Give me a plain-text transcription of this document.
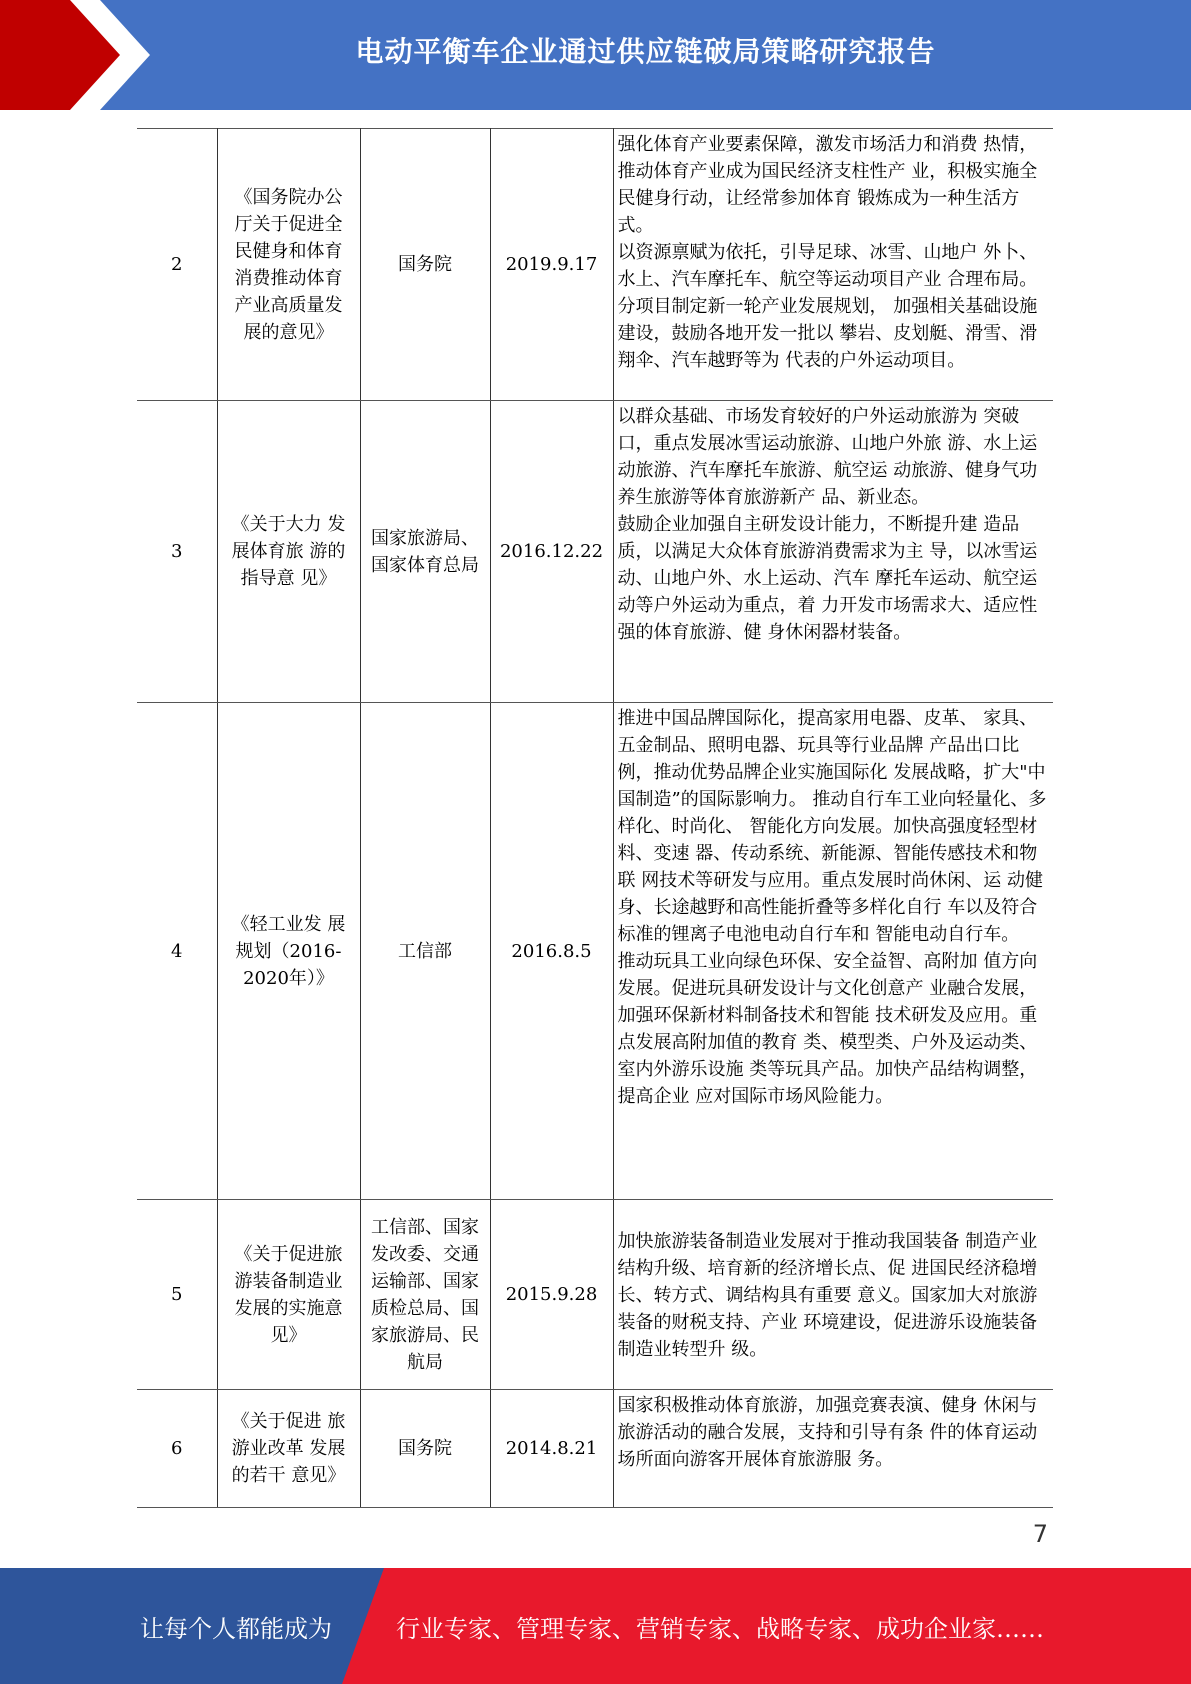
电动平衡车企业通过供应链破局策略研究报告
2	《国务院办公厅关于促进全民健身和体育消费推动体育产业高质量发展的意见》	国务院	2019.9.17	强化体育产业要素保障，激发市场活力和消费 热情，推动体育产业成为国民经济支柱性产 业，积极实施全民健身行动，让经常参加体育 锻炼成为一种生活方式。
以资源禀赋为依托，引导足球、冰雪、山地户 外卜、水上、汽车摩托车、航空等运动项目产业 合理布局。分项目制定新一轮产业发展规划， 加强相关基础设施建设，鼓励各地开发一批以 攀岩、皮划艇、滑雪、滑翔伞、汽车越野等为 代表的户外运动项目。

3	《关于大力 发展体育旅 游的指导意 见》	国家旅游局、国家体育总局	2016.12.22	以群众基础、市场发育较好的户外运动旅游为 突破口，重点发展冰雪运动旅游、山地户外旅 游、水上运动旅游、汽车摩托车旅游、航空运 动旅游、健身气功养生旅游等体育旅游新产 品、新业态。
鼓励企业加强自主研发设计能力，不断提升建 造品质，以满足大众体育旅游消费需求为主 导，以冰雪运动、山地户外、水上运动、汽车 摩托车运动、航空运动等户外运动为重点，着 力开发市场需求大、适应性强的体育旅游、健 身休闲器材装备。

4	《轻工业发 展规划（2016-2020年）》	工信部	2016.8.5	推进中国品牌国际化，提高家用电器、皮革、 家具、五金制品、照明电器、玩具等行业品牌 产品出口比例，推动优势品牌企业实施国际化 发展战略，扩大"中国制造”的国际影响力。 推动自行车工业向轻量化、多样化、时尚化、 智能化方向发展。加快高强度轻型材料、变速 器、传动系统、新能源、智能传感技术和物联 网技术等研发与应用。重点发展时尚休闲、运 动健身、长途越野和高性能折叠等多样化自行 车以及符合标准的锂离子电池电动自行车和 智能电动自行车。
推动玩具工业向绿色环保、安全益智、高附加 值方向发展。促进玩具研发设计与文化创意产 业融合发展，加强环保新材料制备技术和智能 技术研发及应用。重点发展高附加值的教育 类、模型类、户外及运动类、室内外游乐设施 类等玩具产品。加快产品结构调整，提高企业 应对国际市场风险能力。

5	《关于促进旅游装备制造业发展的实施意见》	工信部、国家发改委、交通运输部、国家质检总局、国家旅游局、民航局	2015.9.28	加快旅游装备制造业发展对于推动我国装备 制造产业结构升级、培育新的经济增长点、促 进国民经济稳增长、转方式、调结构具有重要 意义。国家加大对旅游装备的财税支持、产业 环境建设，促进游乐设施装备制造业转型升 级。

6	《关于促进 旅游业改革 发展的若干 意见》	国务院	2014.8.21	国家积极推动体育旅游，加强竞赛表演、健身 休闲与旅游活动的融合发展，支持和引导有条 件的体育运动场所面向游客开展体育旅游服 务。
7
让每个人都能成为	行业专家、管理专家、营销专家、战略专家、成功企业家……
